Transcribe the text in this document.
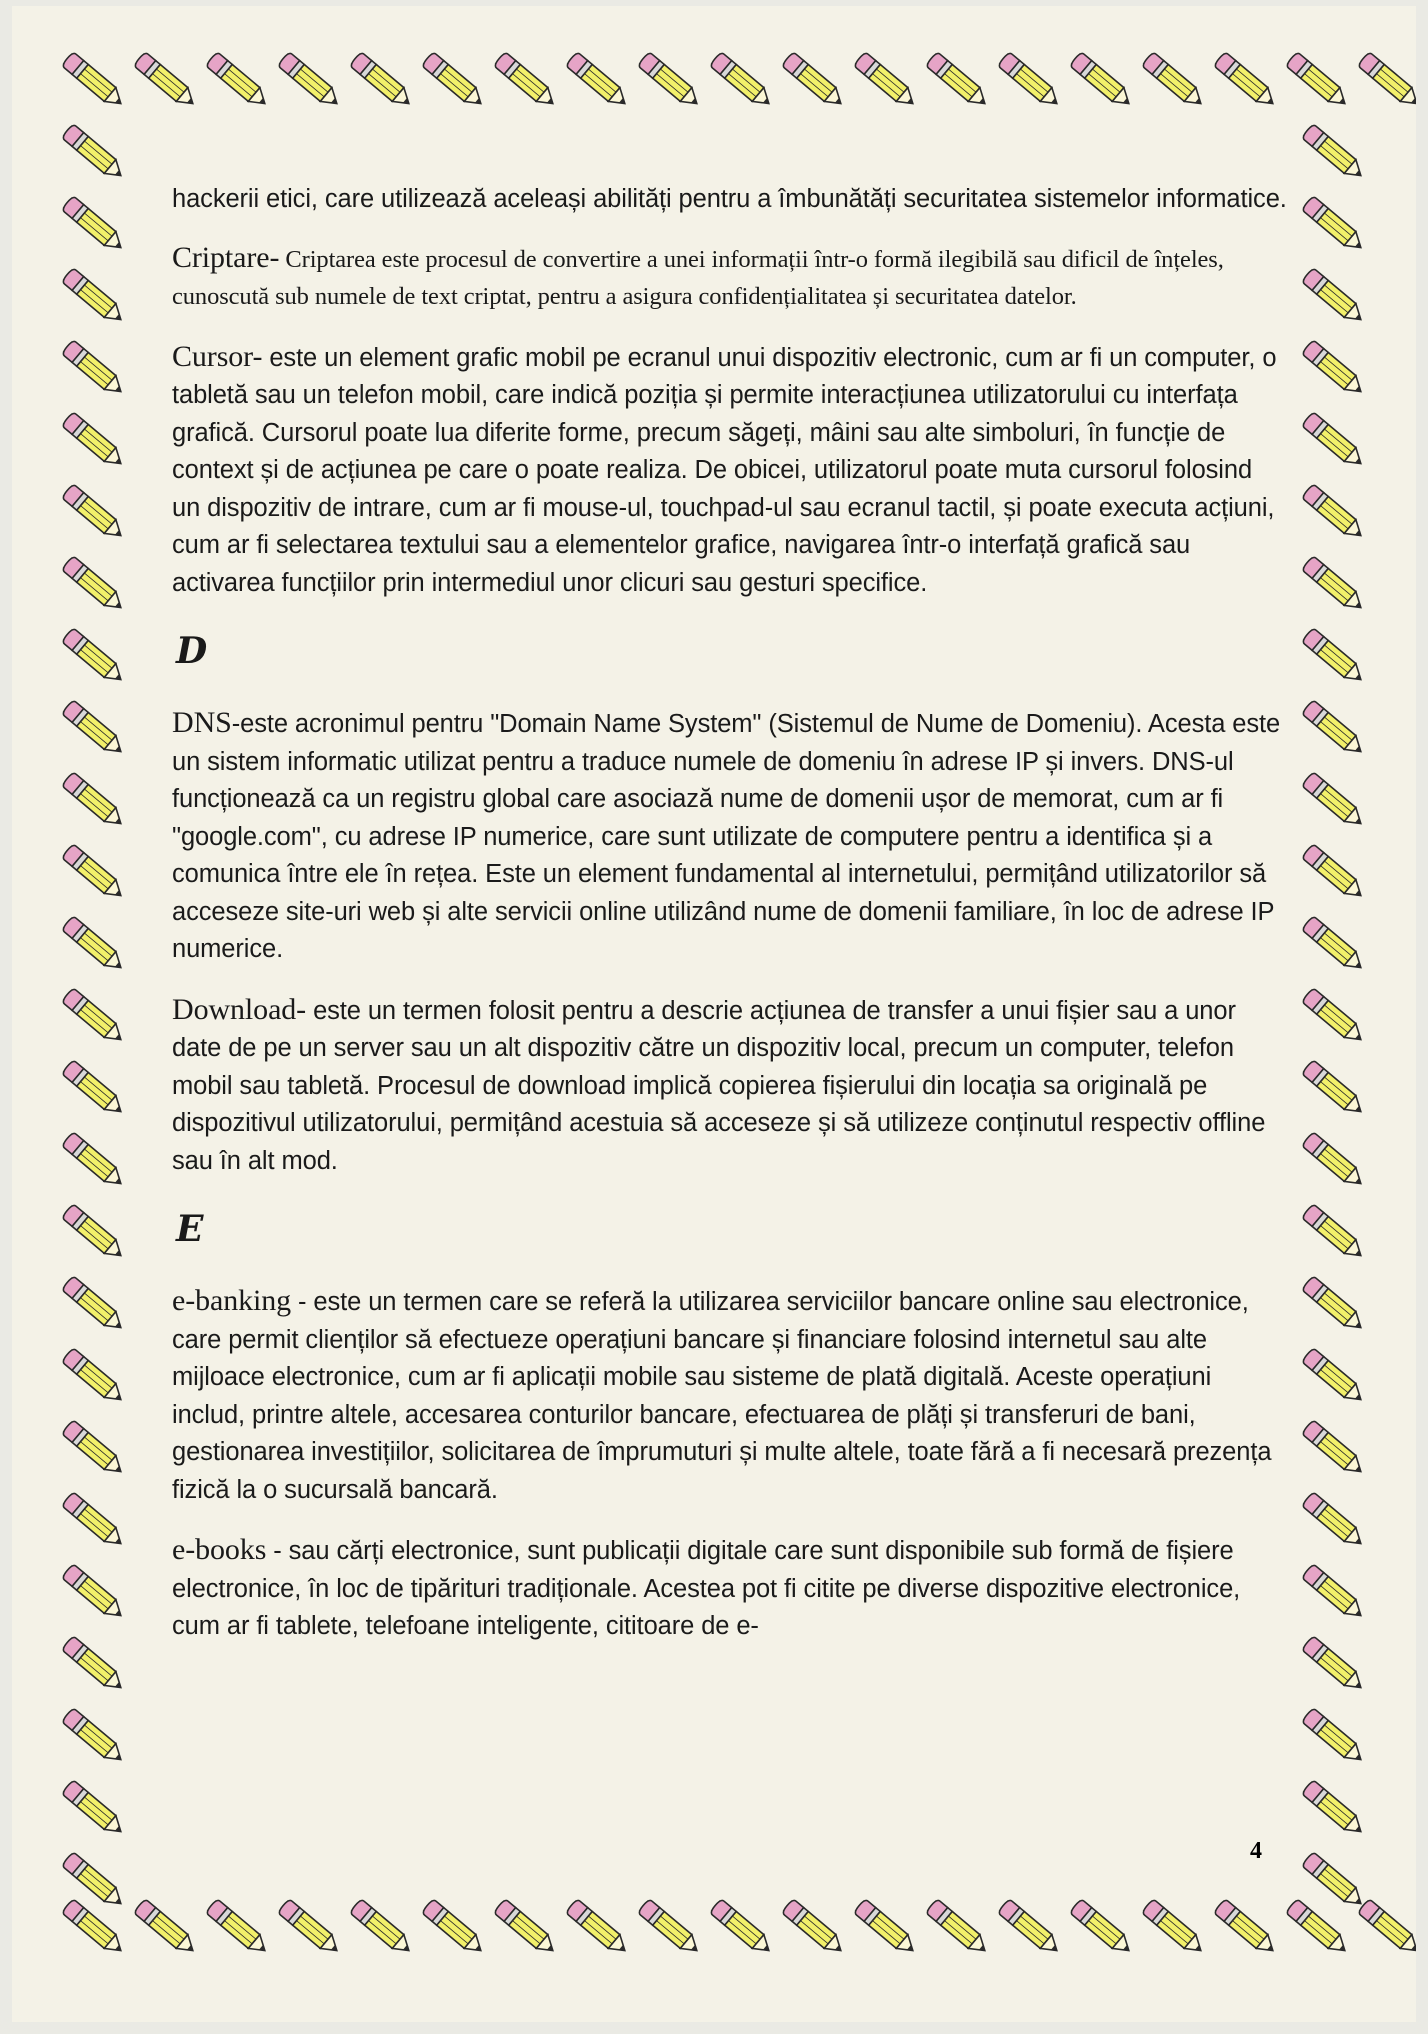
hackerii etici, care utilizează aceleași abilități pentru a îmbunătăți securitatea sistemelor informatice.

Criptare- Criptarea este procesul de convertire a unei informații într-o formă ilegibilă sau dificil de înțeles, cunoscută sub numele de text criptat, pentru a asigura confidențialitatea și securitatea datelor.

Cursor- este un element grafic mobil pe ecranul unui dispozitiv electronic, cum ar fi un computer, o tabletă sau un telefon mobil, care indică poziția și permite interacțiunea utilizatorului cu interfața grafică. Cursorul poate lua diferite forme, precum săgeți, mâini sau alte simboluri, în funcție de context și de acțiunea pe care o poate realiza. De obicei, utilizatorul poate muta cursorul folosind un dispozitiv de intrare, cum ar fi mouse-ul, touchpad-ul sau ecranul tactil, și poate executa acțiuni, cum ar fi selectarea textului sau a elementelor grafice, navigarea într-o interfață grafică sau activarea funcțiilor prin intermediul unor clicuri sau gesturi specifice.

D

DNS-este acronimul pentru "Domain Name System" (Sistemul de Nume de Domeniu). Acesta este un sistem informatic utilizat pentru a traduce numele de domeniu în adrese IP și invers. DNS-ul funcționează ca un registru global care asociază nume de domenii ușor de memorat, cum ar fi "google.com", cu adrese IP numerice, care sunt utilizate de computere pentru a identifica și a comunica între ele în rețea. Este un element fundamental al internetului, permițând utilizatorilor să acceseze site-uri web și alte servicii online utilizând nume de domenii familiare, în loc de adrese IP numerice.

Download- este un termen folosit pentru a descrie acțiunea de transfer a unui fișier sau a unor date de pe un server sau un alt dispozitiv către un dispozitiv local, precum un computer, telefon mobil sau tabletă. Procesul de download implică copierea fișierului din locația sa originală pe dispozitivul utilizatorului, permițând acestuia să acceseze și să utilizeze conținutul respectiv offline sau în alt mod.

E

e-banking - este un termen care se referă la utilizarea serviciilor bancare online sau electronice, care permit clienților să efectueze operațiuni bancare și financiare folosind internetul sau alte mijloace electronice, cum ar fi aplicații mobile sau sisteme de plată digitală. Aceste operațiuni includ, printre altele, accesarea conturilor bancare, efectuarea de plăți și transferuri de bani, gestionarea investițiilor, solicitarea de împrumuturi și multe altele, toate fără a fi necesară prezența fizică la o sucursală bancară.

e-books - sau cărți electronice, sunt publicații digitale care sunt disponibile sub formă de fișiere electronice, în loc de tipărituri tradiționale. Acestea pot fi citite pe diverse dispozitive electronice, cum ar fi tablete, telefoane inteligente, cititoare de e-

4
